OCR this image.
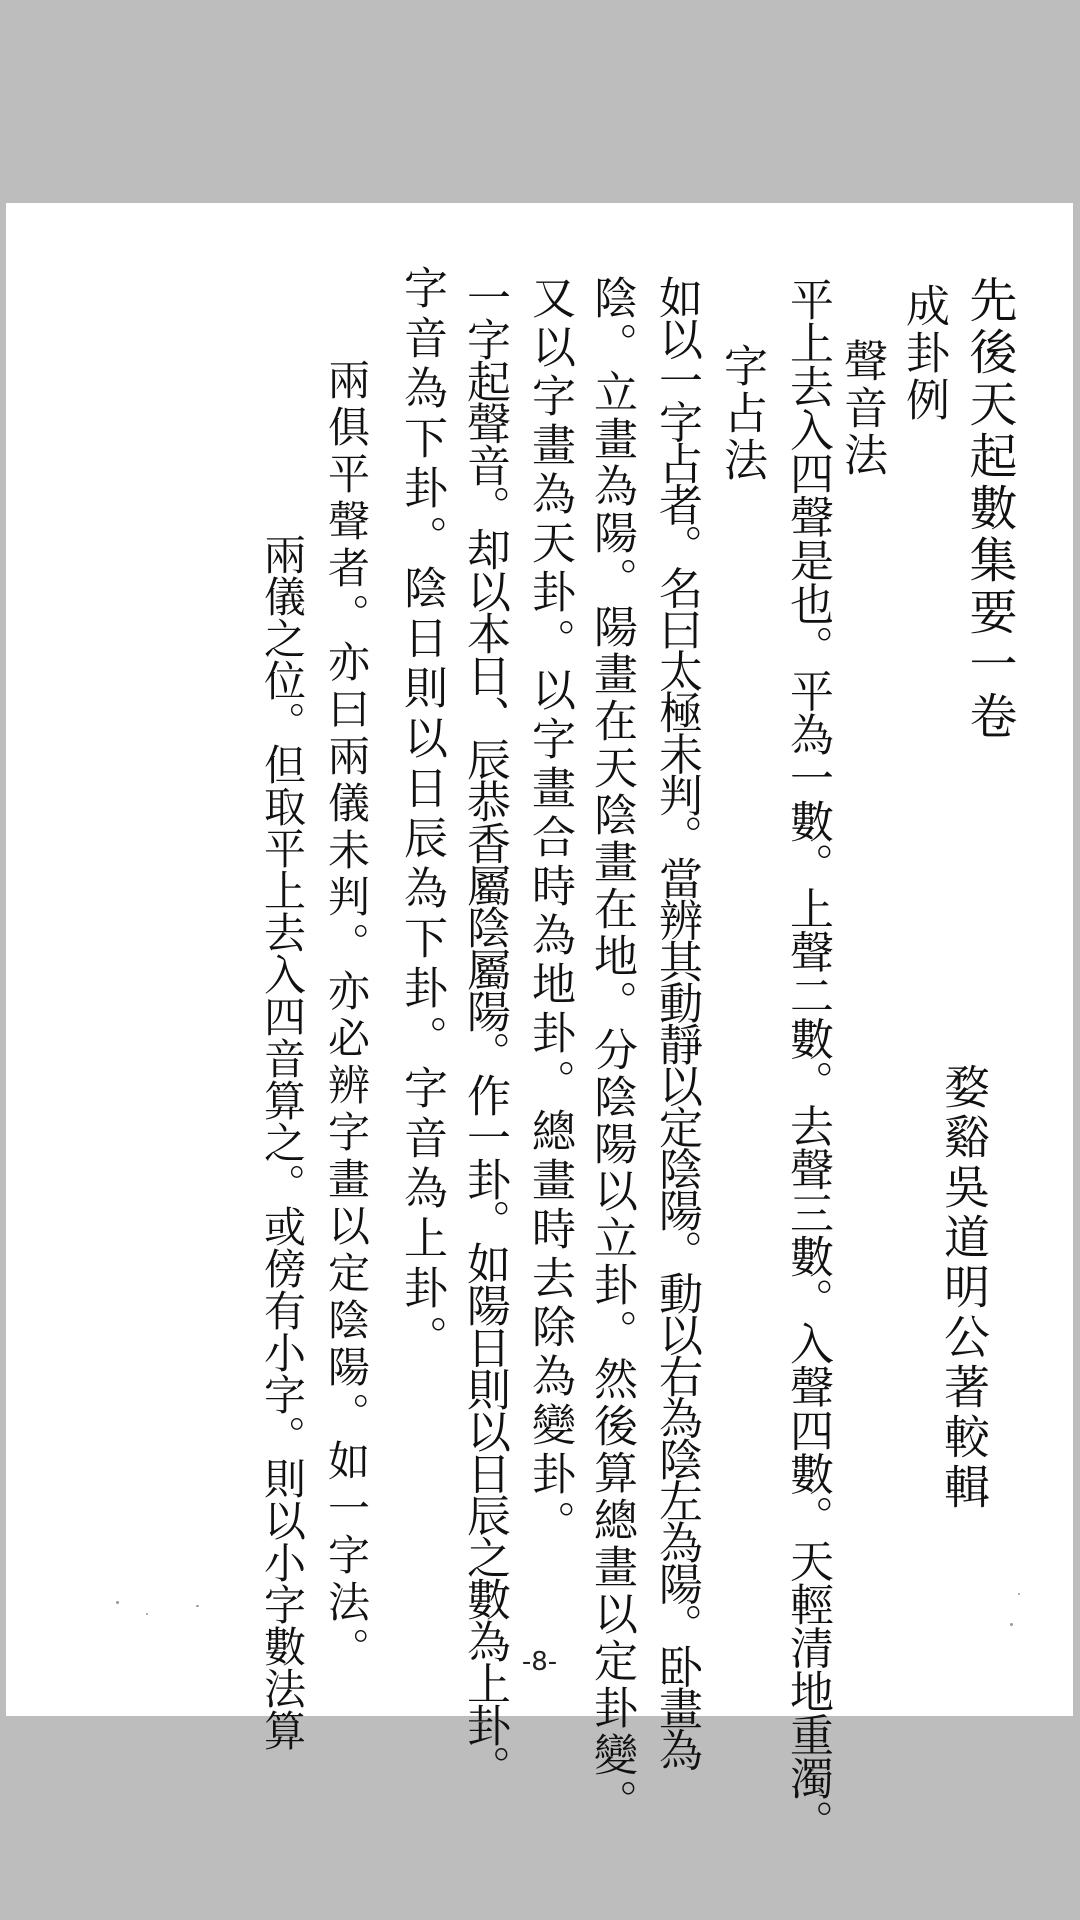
先後天起數集要一卷
婺谿吳道明公著較輯
成卦例
聲音法
平上去入四聲是也。平為一數。上聲二數。去聲三數。入聲四數。天輕清地重濁。
字占法
如以一字占者。名曰太極未判。當辨其動靜以定陰陽。動以右為陰左為陽。卧畫為
陰。立畫為陽。陽畫在天陰畫在地。分陰陽以立卦。然後算總畫以定卦變。
又以字畫為天卦。以字畫合時為地卦。總畫時去除為變卦。
一字起聲音。却以本日、辰恭香屬陰屬陽。作一卦。如陽日則以日辰之數為上卦。
字音為下卦。陰日則以日辰為下卦。字音為上卦。
兩俱平聲者。亦曰兩儀未判。亦必辨字畫以定陰陽。如一字法。
兩儀之位。但取平上去入四音算之。或傍有小字。則以小字數法算	-8-
